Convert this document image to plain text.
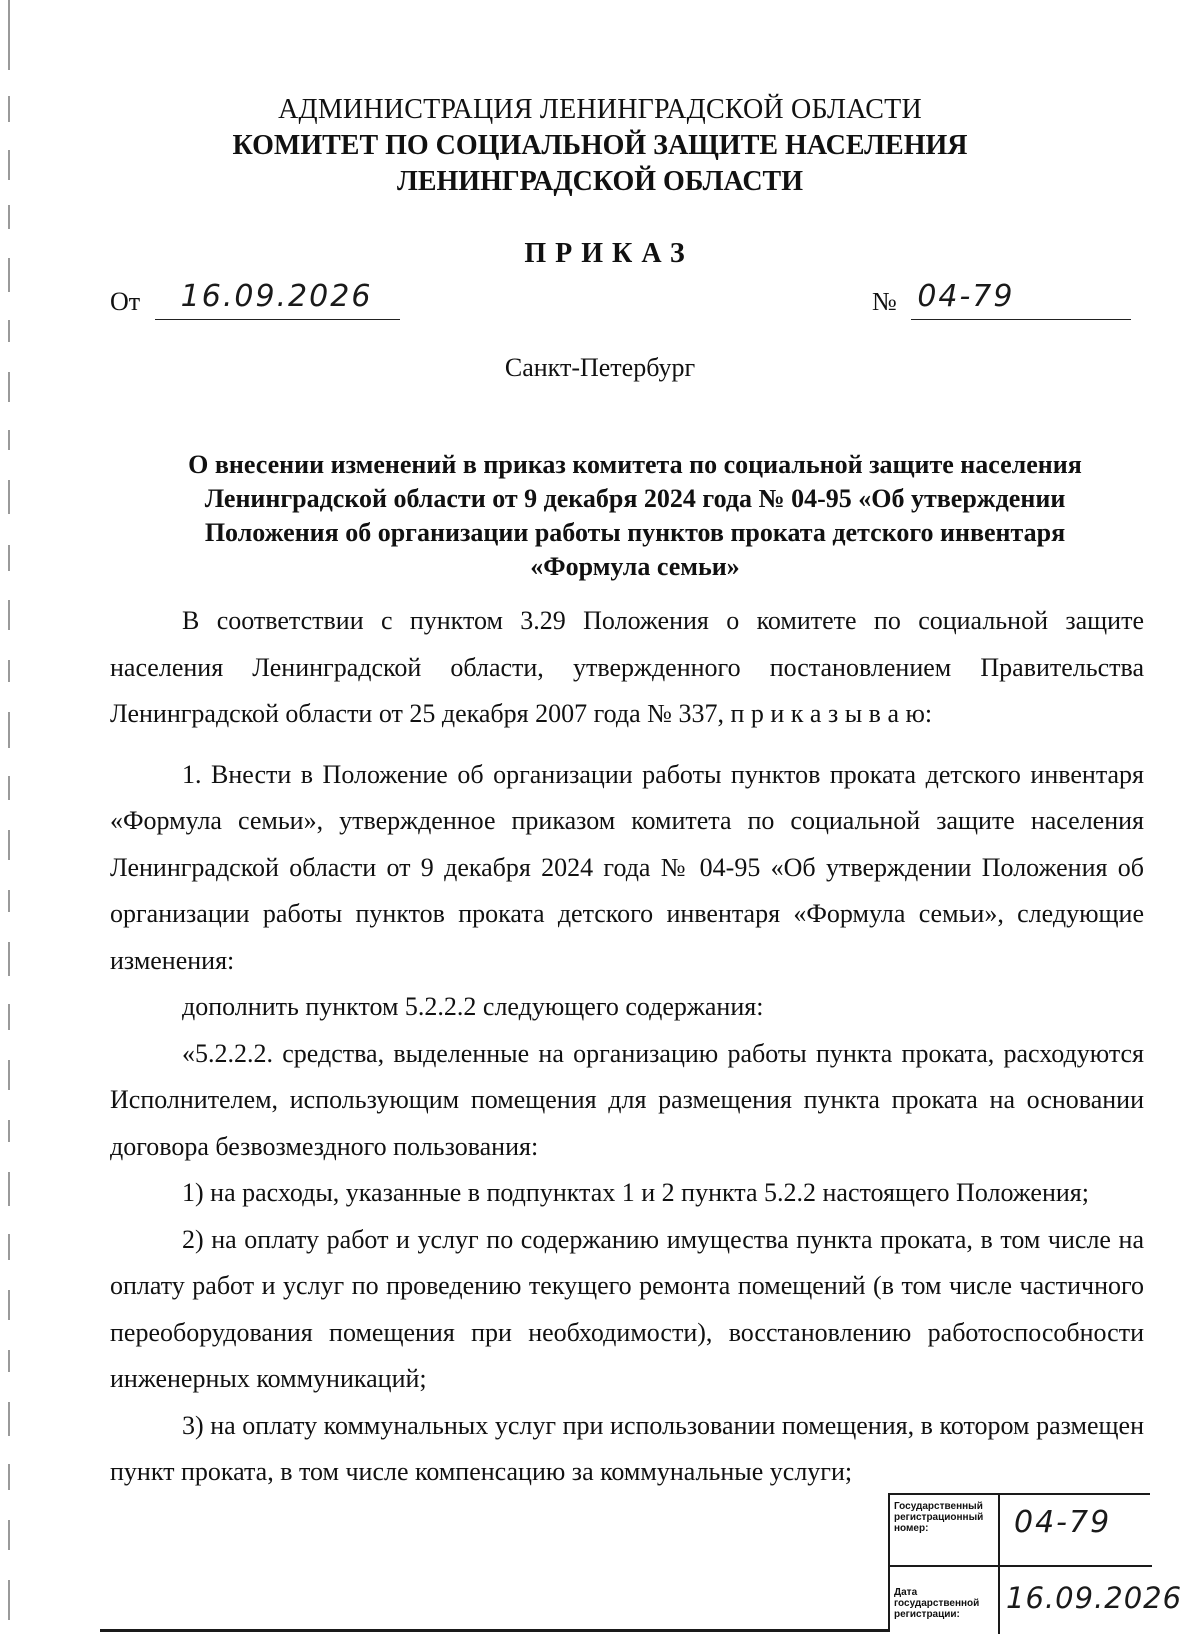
АДМИНИСТРАЦИЯ ЛЕНИНГРАДСКОЙ ОБЛАСТИ
КОМИТЕТ ПО СОЦИАЛЬНОЙ ЗАЩИТЕ НАСЕЛЕНИЯ
ЛЕНИНГРАДСКОЙ ОБЛАСТИ
ПРИКАЗ
От 16.09.2026	№ 04-79
Санкт-Петербург
О внесении изменений в приказ комитета по социальной защите населения
Ленинградской области от 9 декабря 2024 года № 04-95 «Об утверждении
Положения об организации работы пунктов проката детского инвентаря
«Формула семьи»

В соответствии с пунктом 3.29 Положения о комитете по социальной защите населения Ленинградской области, утвержденного постановлением Правительства Ленинградской области от 25 декабря 2007 года № 337, п р и к а з ы в а ю:

1. Внести в Положение об организации работы пунктов проката детского инвентаря «Формула семьи», утвержденное приказом комитета по социальной защите населения Ленинградской области от 9 декабря 2024 года № 04-95 «Об утверждении Положения об организации работы пунктов проката детского инвентаря «Формула семьи», следующие изменения:

дополнить пунктом 5.2.2.2 следующего содержания:

«5.2.2.2. средства, выделенные на организацию работы пункта проката, расходуются Исполнителем, использующим помещения для размещения пункта проката на основании договора безвозмездного пользования:

1) на расходы, указанные в подпунктах 1 и 2 пункта 5.2.2 настоящего Положения;

2) на оплату работ и услуг по содержанию имущества пункта проката, в том числе на оплату работ и услуг по проведению текущего ремонта помещений (в том числе частичного переоборудования помещения при необходимости), восстановлению работоспособности инженерных коммуникаций;

3) на оплату коммунальных услуг при использовании помещения, в котором размещен пункт проката, в том числе компенсацию за коммунальные услуги;

Государственный регистрационный номер:	04-79
Дата государственной регистрации:	16.09.2026
